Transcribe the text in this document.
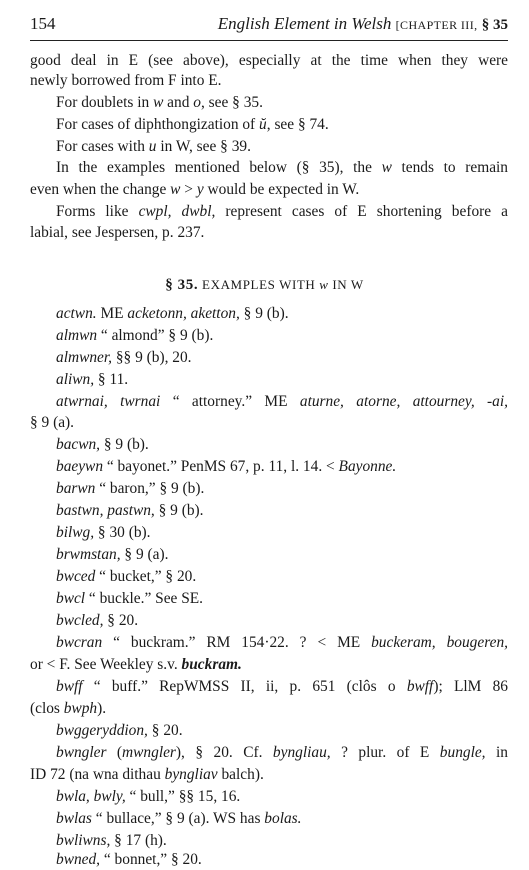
154	English Element in Welsh [CHAPTER III, § 35
good deal in E (see above), especially at the time when they were
newly borrowed from F into E.
For doublets in w and o, see § 35.
For cases of diphthongization of ŭ, see § 74.
For cases with u in W, see § 39.
In the examples mentioned below (§ 35), the w tends to remain
even when the change w > y would be expected in W.
Forms like cwpl, dwbl, represent cases of E shortening before a
labial, see Jespersen, p. 237.
§ 35. EXAMPLES WITH w IN W
actwn. ME acketonn, aketton, § 9 (b).
almwn “ almond” § 9 (b).
almwner, §§ 9 (b), 20.
aliwn, § 11.
atwrnai, twrnai “ attorney.” ME aturne, atorne, attourney, -ai,
§ 9 (a).
bacwn, § 9 (b).
baeywn “ bayonet.” PenMS 67, p. 11, l. 14. < Bayonne.
barwn “ baron,” § 9 (b).
bastwn, pastwn, § 9 (b).
bilwg, § 30 (b).
brwmstan, § 9 (a).
bwced “ bucket,” § 20.
bwcl “ buckle.” See SE.
bwcled, § 20.
bwcran “ buckram.” RM 154·22. ? < ME buckeram, bougeren,
or < F. See Weekley s.v. buckram.
bwff “ buff.” RepWMSS II, ii, p. 651 (clôs o bwff); LlM 86
(clos bwph).
bwggeryddion, § 20.
bwngler (mwngler), § 20. Cf. byngliau, ? plur. of E bungle, in
ID 72 (na wna dithau byngliav balch).
bwla, bwly, “ bull,” §§ 15, 16.
bwlas “ bullace,” § 9 (a). WS has bolas.
bwliwns, § 17 (h).
bwned, “ bonnet,” § 20.
